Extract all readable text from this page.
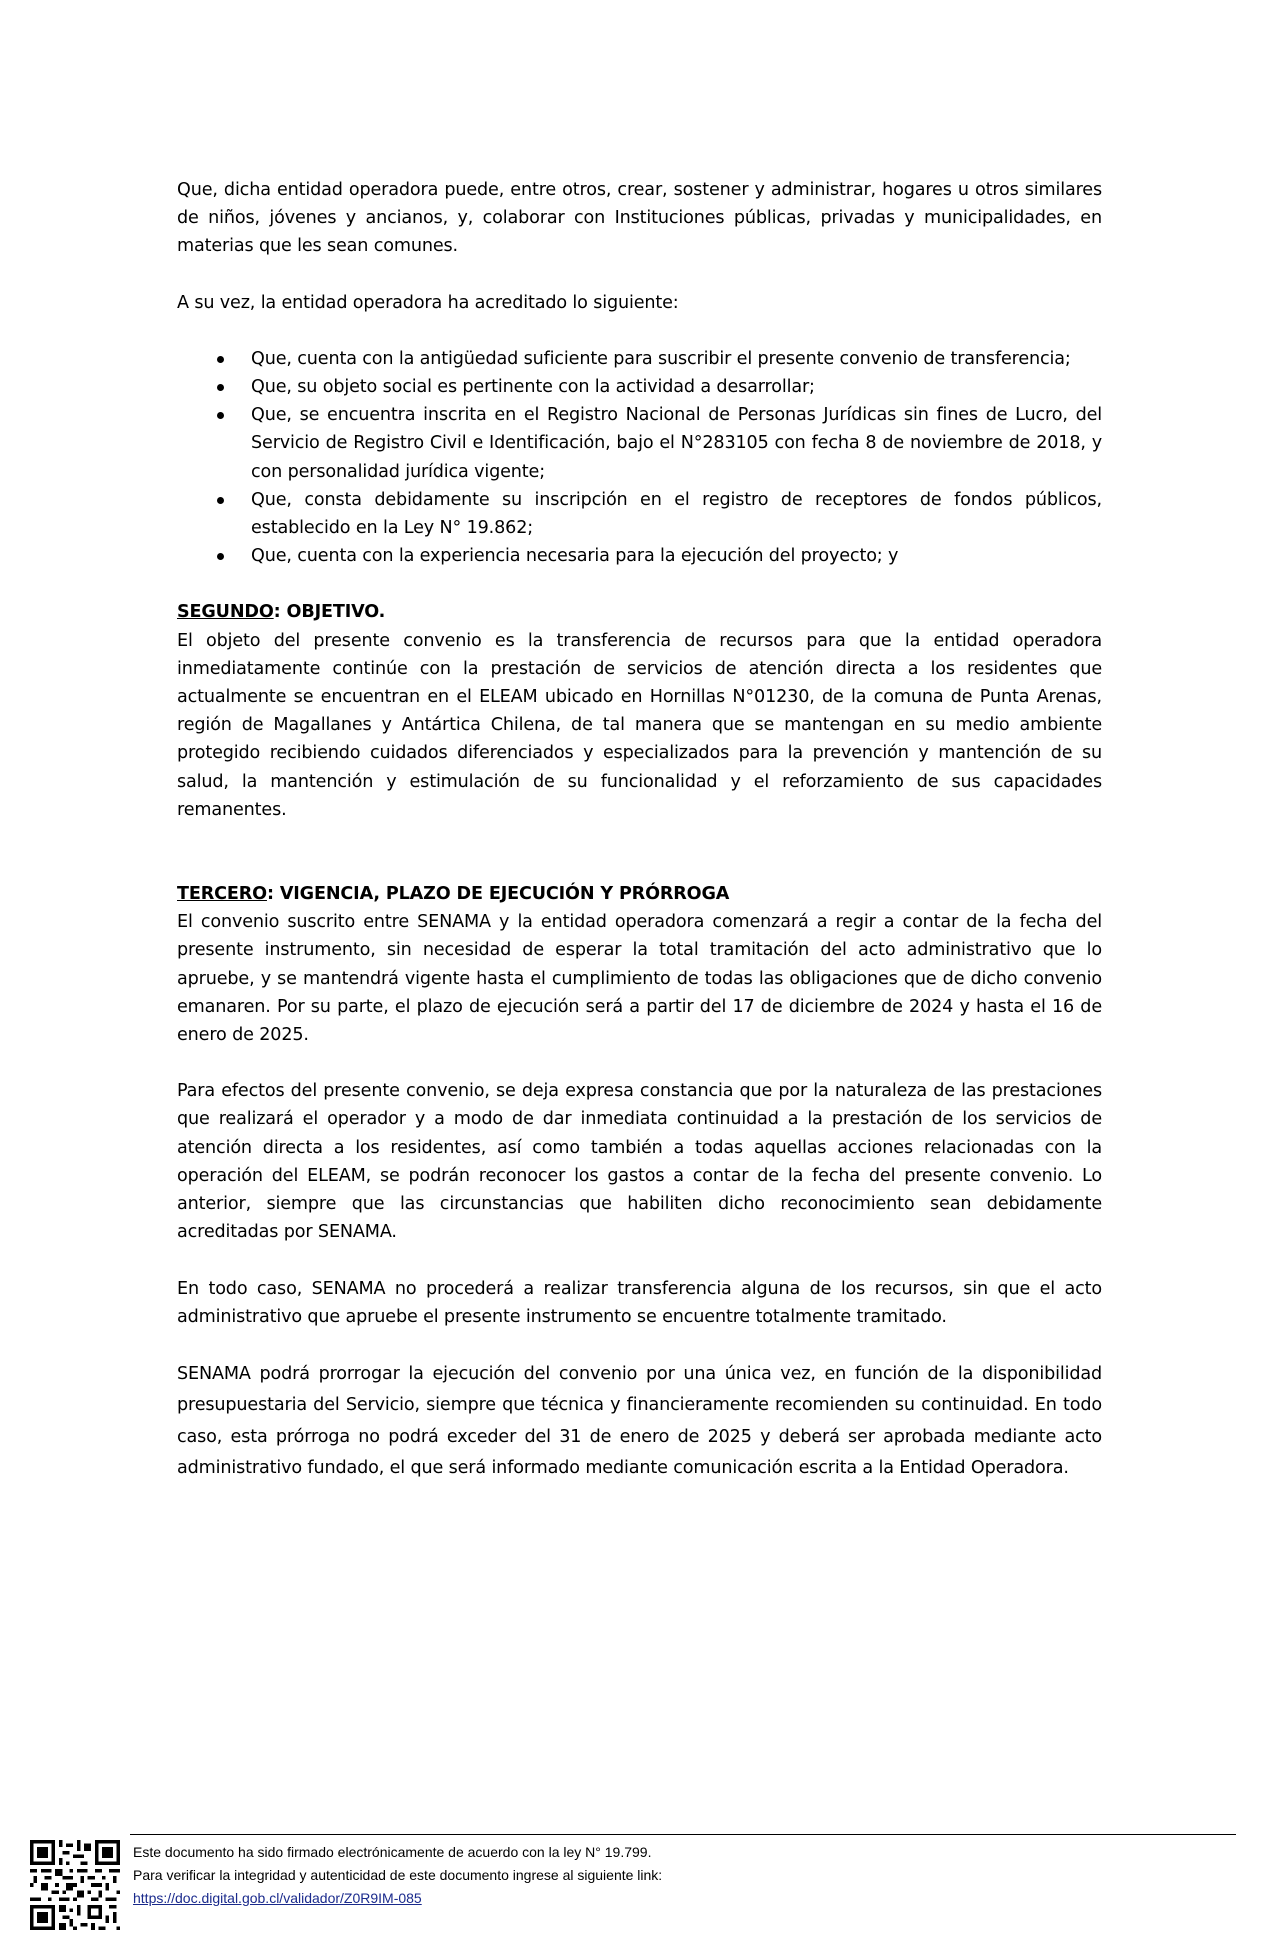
Que, dicha entidad operadora puede, entre otros, crear, sostener y administrar, hogares u otros similares de niños, jóvenes y ancianos, y, colaborar con Instituciones públicas, privadas y municipalidades, en materias que les sean comunes.

A su vez, la entidad operadora ha acreditado lo siguiente:

Que, cuenta con la antigüedad suficiente para suscribir el presente convenio de transferencia;
Que, su objeto social es pertinente con la actividad a desarrollar;
Que, se encuentra inscrita en el Registro Nacional de Personas Jurídicas sin fines de Lucro, del Servicio de Registro Civil e Identificación, bajo el N°283105 con fecha 8 de noviembre de 2018, y con personalidad jurídica vigente;
Que, consta debidamente su inscripción en el registro de receptores de fondos públicos, establecido en la Ley N° 19.862;
Que, cuenta con la experiencia necesaria para la ejecución del proyecto; y

SEGUNDO: OBJETIVO.

El objeto del presente convenio es la transferencia de recursos para que la entidad operadora inmediatamente continúe con la prestación de servicios de atención directa a los residentes que actualmente se encuentran en el ELEAM ubicado en Hornillas N°01230, de la comuna de Punta Arenas, región de Magallanes y Antártica Chilena, de tal manera que se mantengan en su medio ambiente protegido recibiendo cuidados diferenciados y especializados para la prevención y mantención de su salud, la mantención y estimulación de su funcionalidad y el reforzamiento de sus capacidades remanentes.

TERCERO: VIGENCIA, PLAZO DE EJECUCIÓN Y PRÓRROGA

El convenio suscrito entre SENAMA y la entidad operadora comenzará a regir a contar de la fecha del presente instrumento, sin necesidad de esperar la total tramitación del acto administrativo que lo apruebe, y se mantendrá vigente hasta el cumplimiento de todas las obligaciones que de dicho convenio emanaren. Por su parte, el plazo de ejecución será a partir del 17 de diciembre de 2024 y hasta el 16 de enero de 2025.

Para efectos del presente convenio, se deja expresa constancia que por la naturaleza de las prestaciones que realizará el operador y a modo de dar inmediata continuidad a la prestación de los servicios de atención directa a los residentes, así como también a todas aquellas acciones relacionadas con la operación del ELEAM, se podrán reconocer los gastos a contar de la fecha del presente convenio. Lo anterior, siempre que las circunstancias que habiliten dicho reconocimiento sean debidamente acreditadas por SENAMA.

En todo caso, SENAMA no procederá a realizar transferencia alguna de los recursos, sin que el acto administrativo que apruebe el presente instrumento se encuentre totalmente tramitado.

SENAMA podrá prorrogar la ejecución del convenio por una única vez, en función de la disponibilidad presupuestaria del Servicio, siempre que técnica y financieramente recomienden su continuidad. En todo caso, esta prórroga no podrá exceder del 31 de enero de 2025 y deberá ser aprobada mediante acto administrativo fundado, el que será informado mediante comunicación escrita a la Entidad Operadora.

Este documento ha sido firmado electrónicamente de acuerdo con la ley N° 19.799.
Para verificar la integridad y autenticidad de este documento ingrese al siguiente link:
https://doc.digital.gob.cl/validador/Z0R9IM-085
